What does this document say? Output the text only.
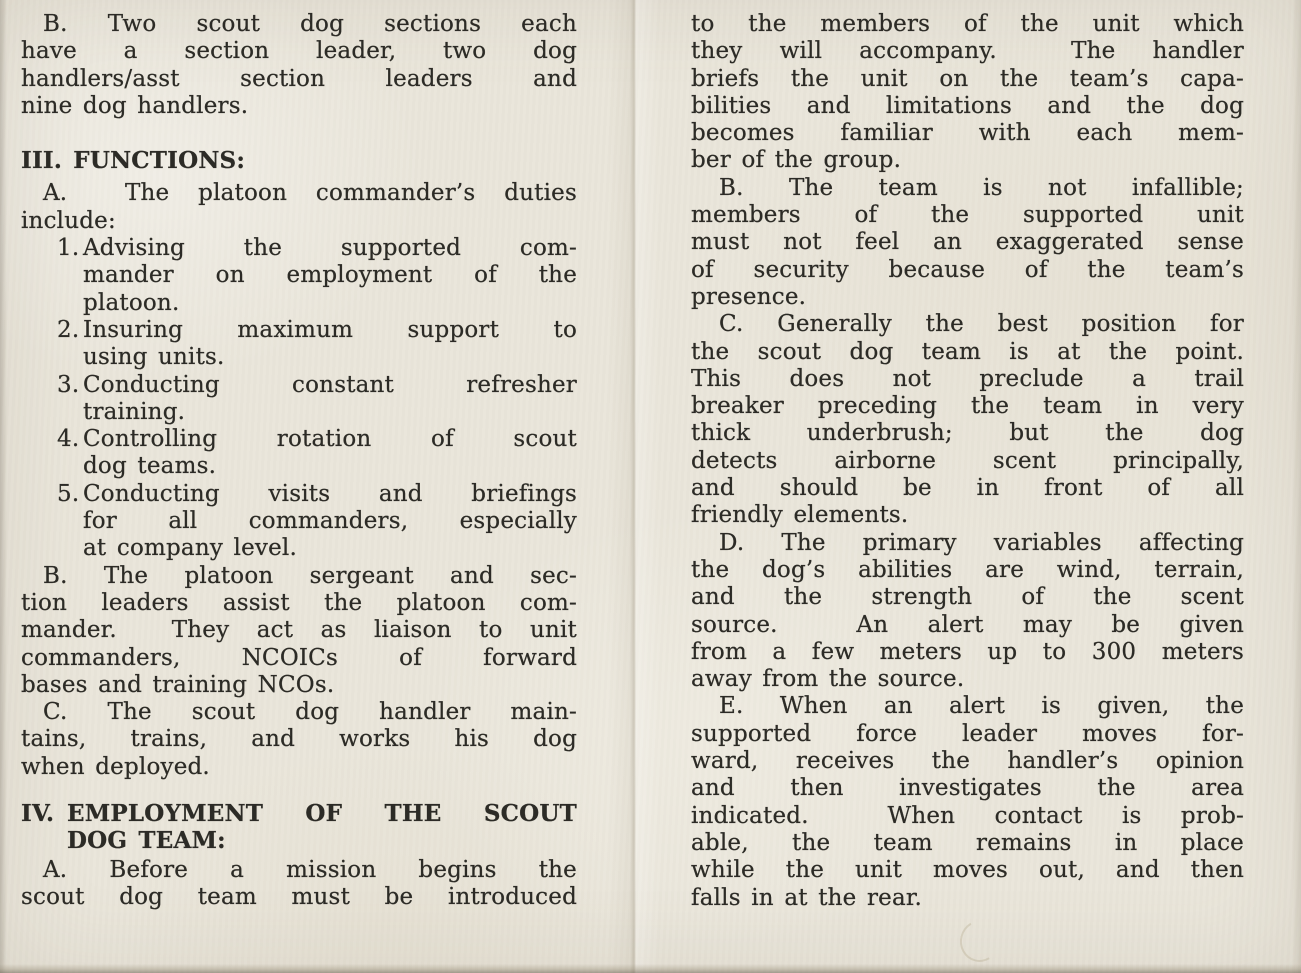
B. Two scout dog sections each
have a section leader, two dog
handlers/asst section leaders and
nine dog handlers.
III. FUNCTIONS:
A.  The platoon commander’s duties
include:
1. Advising the supported com-
mander on employment of the
platoon.
2. Insuring maximum support to
using units.
3. Conducting constant refresher
training.
4. Controlling rotation of scout
dog teams.
5. Conducting visits and briefings
for all commanders, especially
at company level.
B. The platoon sergeant and sec-
tion leaders assist the platoon com-
mander.  They act as liaison to unit
commanders, NCOICs of forward
bases and training NCOs.
C. The scout dog handler main-
tains, trains, and works his dog
when deployed.
IV. EMPLOYMENT OF THE SCOUT
DOG TEAM:
A. Before a mission begins the
scout dog team must be introduced
to the members of the unit which
they will accompany.  The handler
briefs the unit on the team’s capa-
bilities and limitations and the dog
becomes familiar with each mem-
ber of the group.
B. The team is not infallible;
members of the supported unit
must not feel an exaggerated sense
of security because of the team’s
presence.
C. Generally the best position for
the scout dog team is at the point.
This does not preclude a trail
breaker preceding the team in very
thick underbrush; but the dog
detects airborne scent principally,
and should be in front of all
friendly elements.
D. The primary variables affecting
the dog’s abilities are wind, terrain,
and the strength of the scent
source.  An alert may be given
from a few meters up to 300 meters
away from the source.
E. When an alert is given, the
supported force leader moves for-
ward, receives the handler’s opinion
and then investigates the area
indicated.  When contact is prob-
able, the team remains in place
while the unit moves out, and then
falls in at the rear.
